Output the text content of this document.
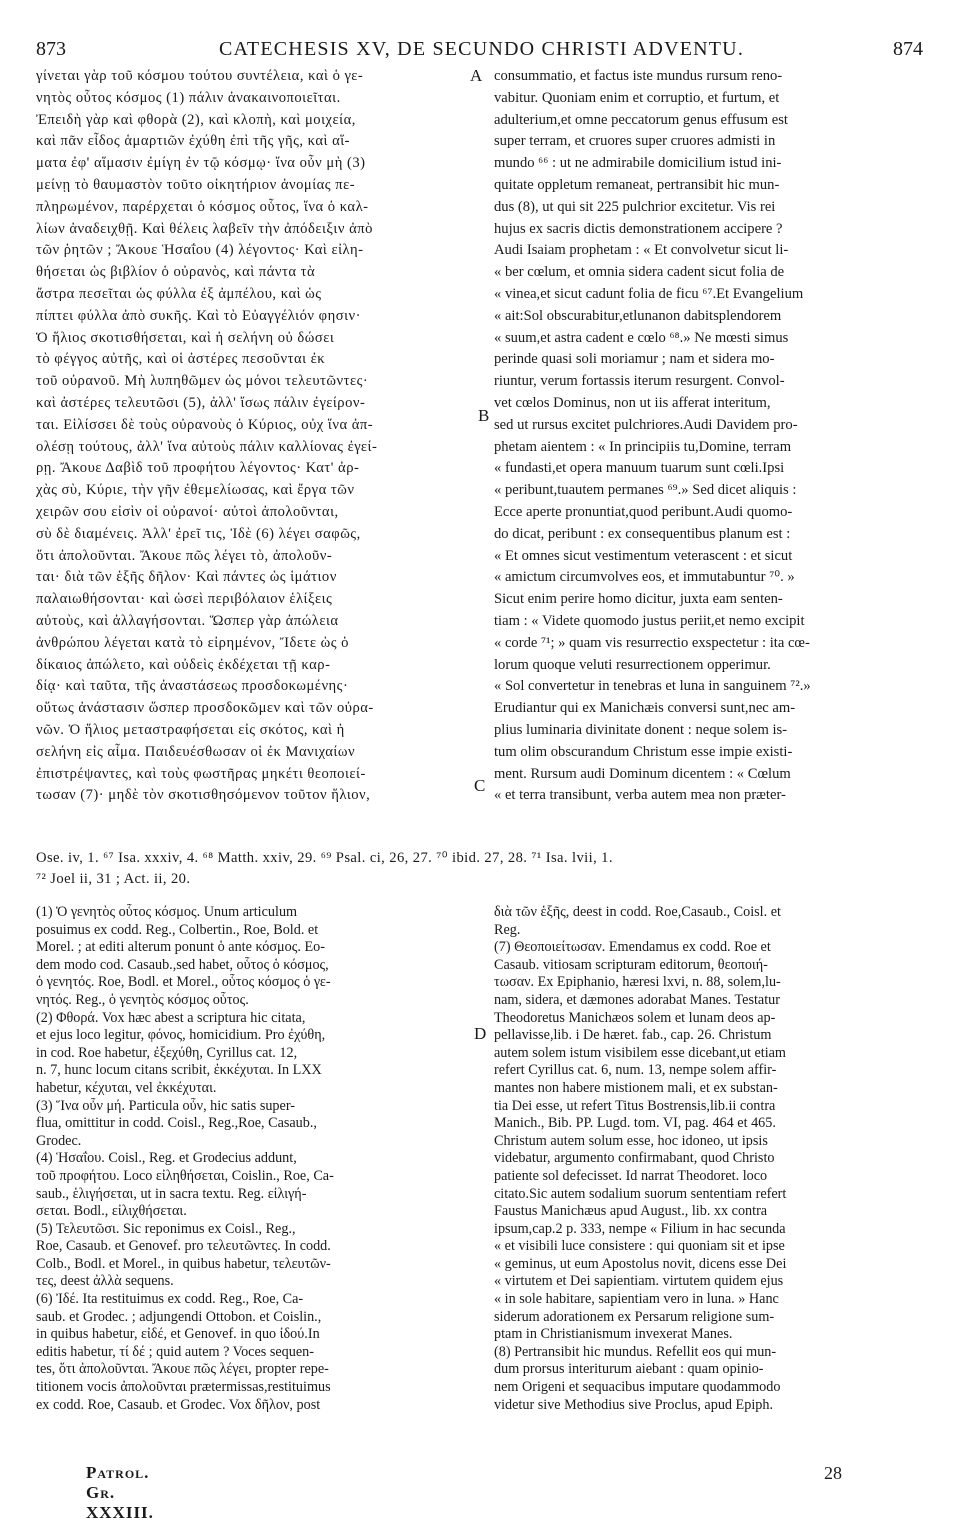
873	CATECHESIS XV, DE SECUNDO CHRISTI ADVENTU.	874

γίνεται γὰρ τοῦ κόσμου τούτου συντέλεια, καὶ ὁ γε-

νητὸς οὗτος κόσμος (1) πάλιν ἀνακαινοποιεῖται.

Ἐπειδὴ γὰρ καὶ φθορὰ (2), καὶ κλοπὴ, καὶ μοιχεία,

καὶ πᾶν εἶδος ἁμαρτιῶν ἐχύθη ἐπὶ τῆς γῆς, καὶ αἵ-

ματα ἐφ' αἵμασιν ἐμίγη ἐν τῷ κόσμῳ· ἵνα οὖν μὴ (3)

μείνῃ τὸ θαυμαστὸν τοῦτο οἰκητήριον ἀνομίας πε-

πληρωμένον, παρέρχεται ὁ κόσμος οὗτος, ἵνα ὁ καλ-

λίων ἀναδειχθῇ. Καὶ θέλεις λαβεῖν τὴν ἀπόδειξιν ἀπὸ

τῶν ῥητῶν ; Ἄκουε Ἡσαΐου (4) λέγοντος· Καὶ εἰλη-

θήσεται ὡς βιβλίον ὁ οὐρανὸς, καὶ πάντα τὰ

ἄστρα πεσεῖται ὡς φύλλα ἐξ ἀμπέλου, καὶ ὡς

πίπτει φύλλα ἀπὸ συκῆς. Καὶ τὸ Εὐαγγέλιόν φησιν·

Ὁ ἥλιος σκοτισθήσεται, καὶ ἡ σελήνη οὐ δώσει

τὸ φέγγος αὐτῆς, καὶ οἱ ἀστέρες πεσοῦνται ἐκ

τοῦ οὐρανοῦ. Μὴ λυπηθῶμεν ὡς μόνοι τελευτῶντες·

καὶ ἀστέρες τελευτῶσι (5), ἀλλ' ἴσως πάλιν ἐγείρον-

ται. Εἱλίσσει δὲ τοὺς οὐρανοὺς ὁ Κύριος, οὐχ ἵνα ἀπ-

ολέσῃ τούτους, ἀλλ' ἵνα αὐτοὺς πάλιν καλλίονας ἐγεί-

ρῃ. Ἄκουε Δαβὶδ τοῦ προφήτου λέγοντος· Κατ' ἀρ-

χὰς σὺ, Κύριε, τὴν γῆν ἐθεμελίωσας, καὶ ἔργα τῶν

χειρῶν σου εἰσὶν οἱ οὐρανοί· αὐτοὶ ἀπολοῦνται,

σὺ δὲ διαμένεις. Ἀλλ' ἐρεῖ τις, Ἰδὲ (6) λέγει σαφῶς,

ὅτι ἀπολοῦνται. Ἄκουε πῶς λέγει τὸ, ἀπολοῦν-

ται· διὰ τῶν ἑξῆς δῆλον· Καὶ πάντες ὡς ἱμάτιον

παλαιωθήσονται· καὶ ὡσεὶ περιβόλαιον ἑλίξεις

αὐτοὺς, καὶ ἀλλαγήσονται. Ὥσπερ γὰρ ἀπώλεια

ἀνθρώπου λέγεται κατὰ τὸ εἰρημένον, Ἴδετε ὡς ὁ

δίκαιος ἀπώλετο, καὶ οὐδεὶς ἐκδέχεται τῇ καρ-

δίᾳ· καὶ ταῦτα, τῆς ἀναστάσεως προσδοκωμένης·

οὕτως ἀνάστασιν ὥσπερ προσδοκῶμεν καὶ τῶν οὐρα-

νῶν. Ὁ ἥλιος μεταστραφήσεται εἰς σκότος, καὶ ἡ

σελήνη εἰς αἷμα. Παιδευέσθωσαν οἱ ἐκ Μανιχαίων

ἐπιστρέψαντες, καὶ τοὺς φωστῆρας μηκέτι θεοποιεί-

τωσαν (7)· μηδὲ τὸν σκοτισθησόμενον τοῦτον ἥλιον,

consummatio, et factus iste mundus rursum reno-

vabitur. Quoniam enim et corruptio, et furtum, et

adulterium,et omne peccatorum genus effusum est

super terram, et cruores super cruores admisti in

mundo ⁶⁶ : ut ne admirabile domicilium istud ini-

quitate oppletum remaneat, pertransibit hic mun-

dus (8), ut qui sit 225 pulchrior excitetur. Vis rei

hujus ex sacris dictis demonstrationem accipere ?

Audi Isaiam prophetam : « Et convolvetur sicut li-

« ber cœlum, et omnia sidera cadent sicut folia de

« vinea,et sicut cadunt folia de ficu ⁶⁷.Et Evangelium

« ait:Sol obscurabitur,etlunanon dabitsplendorem

« suum,et astra cadent e cœlo ⁶⁸.» Ne mœsti simus

perinde quasi soli moriamur ; nam et sidera mo-

riuntur, verum fortassis iterum resurgent. Convol-

vet cœlos Dominus, non ut iis afferat interitum,

sed ut rursus excitet pulchriores.Audi Davidem pro-

phetam aientem : « In principiis tu,Domine, terram

« fundasti,et opera manuum tuarum sunt cœli.Ipsi

« peribunt,tuautem permanes ⁶⁹.» Sed dicet aliquis :

Ecce aperte pronuntiat,quod peribunt.Audi quomo-

do dicat, peribunt : ex consequentibus planum est :

« Et omnes sicut vestimentum veterascent : et sicut

« amictum circumvolves eos, et immutabuntur ⁷⁰. »

Sicut enim perire homo dicitur, juxta eam senten-

tiam : « Videte quomodo justus periit,et nemo excipit

« corde ⁷¹; » quam vis resurrectio exspectetur : ita cœ-

lorum quoque veluti resurrectionem opperimur.

« Sol convertetur in tenebras et luna in sanguinem ⁷².»

Erudiantur qui ex Manichæis conversi sunt,nec am-

plius luminaria divinitate donent : neque solem is-

tum olim obscurandum Christum esse impie existi-

ment. Rursum audi Dominum dicentem : « Cœlum

« et terra transibunt, verba autem mea non præter-

A
B
C
D
Ose. iv, 1. ⁶⁷ Isa. xxxiv, 4. ⁶⁸ Matth. xxiv, 29. ⁶⁹ Psal. ci, 26, 27. ⁷⁰ ibid. 27, 28. ⁷¹ Isa. lvii, 1.
⁷² Joel ii, 31 ; Act. ii, 20.

(1) Ὁ γενητὸς οὗτος κόσμος. Unum articulum

posuimus ex codd. Reg., Colbertin., Roe, Bold. et

Morel. ; at editi alterum ponunt ὁ ante κόσμος. Eo-

dem modo cod. Casaub.,sed habet, οὗτος ὁ κόσμος,

ὁ γενητός. Roe, Bodl. et Morel., οὗτος κόσμος ὁ γε-

νητός. Reg., ὁ γενητὸς κόσμος οὗτος.

(2) Φθορά. Vox hæc abest a scriptura hic citata,

et ejus loco legitur, φόνος, homicidium. Pro ἐχύθη,

in cod. Roe habetur, ἐξεχύθη, Cyrillus cat. 12,

n. 7, hunc locum citans scribit, ἐκκέχυται. In LXX

habetur, κέχυται, vel ἐκκέχυται.

(3) Ἵνα οὖν μή. Particula οὖν, hic satis super-

flua, omittitur in codd. Coisl., Reg.,Roe, Casaub.,

Grodec.

(4) Ἡσαΐου. Coisl., Reg. et Grodecius addunt,

τοῦ προφήτου. Loco εἰληθήσεται, Coislin., Roe, Ca-

saub., ἑλιγήσεται, ut in sacra textu. Reg. εἰλιγή-

σεται. Bodl., εἰλιχθήσεται.

(5) Τελευτῶσι. Sic reponimus ex Coisl., Reg.,

Roe, Casaub. et Genovef. pro τελευτῶντες. In codd.

Colb., Bodl. et Morel., in quibus habetur, τελευτῶν-

τες, deest ἀλλὰ sequens.

(6) Ἰδέ. Ita restituimus ex codd. Reg., Roe, Ca-

saub. et Grodec. ; adjungendi Ottobon. et Coislin.,

in quibus habetur, εἰδέ, et Genovef. in quo ἰδού.In

editis habetur, τί δέ ; quid autem ? Voces sequen-

tes, ὅτι ἀπολοῦνται. Ἄκουε πῶς λέγει, propter repe-

titionem vocis ἀπολοῦνται prætermissas,restituimus

ex codd. Roe, Casaub. et Grodec. Vox δῆλον, post

διὰ τῶν ἑξῆς, deest in codd. Roe,Casaub., Coisl. et

Reg.

(7) Θεοποιείτωσαν. Emendamus ex codd. Roe et

Casaub. vitiosam scripturam editorum, θεοποιή-

τωσαν. Ex Epiphanio, hæresi lxvi, n. 88, solem,lu-

nam, sidera, et dæmones adorabat Manes. Testatur

Theodoretus Manichæos solem et lunam deos ap-

pellavisse,lib. i De hæret. fab., cap. 26. Christum

autem solem istum visibilem esse dicebant,ut etiam

refert Cyrillus cat. 6, num. 13, nempe solem affir-

mantes non habere mistionem mali, et ex substan-

tia Dei esse, ut refert Titus Bostrensis,lib.ii contra

Manich., Bib. PP. Lugd. tom. VI, pag. 464 et 465.

Christum autem solum esse, hoc idoneo, ut ipsis

videbatur, argumento confirmabant, quod Christo

patiente sol defecisset. Id narrat Theodoret. loco

citato.Sic autem sodalium suorum sententiam refert

Faustus Manichæus apud August., lib. xx contra

ipsum,cap.2 p. 333, nempe « Filium in hac secunda

« et visibili luce consistere : qui quoniam sit et ipse

« geminus, ut eum Apostolus novit, dicens esse Dei

« virtutem et Dei sapientiam. virtutem quidem ejus

« in sole habitare, sapientiam vero in luna. » Hanc

siderum adorationem ex Persarum religione sum-

ptam in Christianismum invexerat Manes.

(8) Pertransibit hic mundus. Refellit eos qui mun-

dum prorsus interiturum aiebant : quam opinio-

nem Origeni et sequacibus imputare quodammodo

videtur sive Methodius sive Proclus, apud Epiph.

Patrol. Gr. XXXIII.
28
